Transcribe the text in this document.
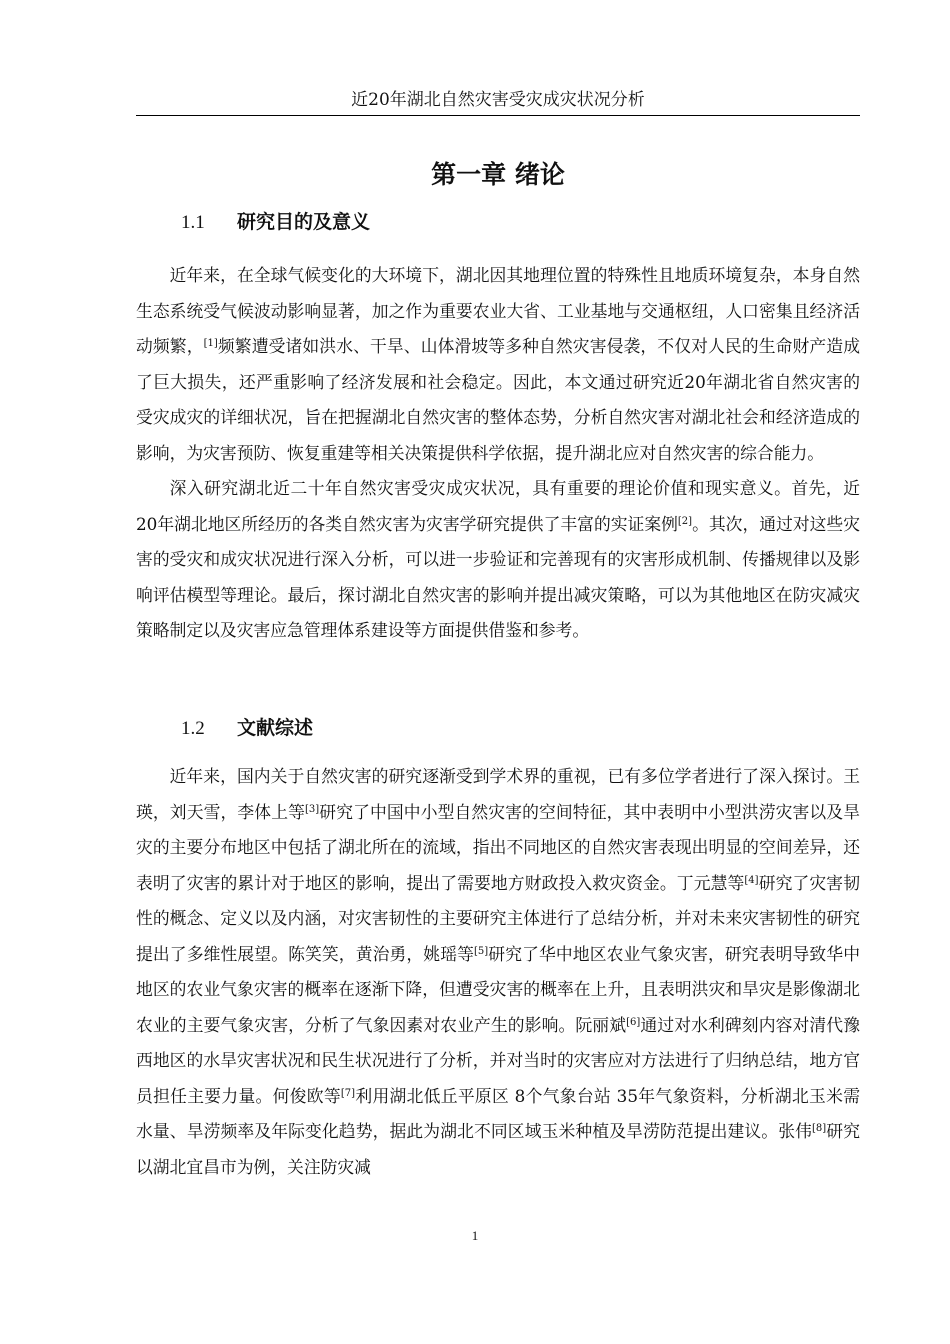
近20年湖北自然灾害受灾成灾状况分析
第一章 绪论
1.1 研究目的及意义

近年来，在全球气候变化的大环境下，湖北因其地理位置的特殊性且地质环境复杂，本身自然生态系统受气候波动影响显著，加之作为重要农业大省、工业基地与交通枢纽，人口密集且经济活动频繁，[1]频繁遭受诸如洪水、干旱、山体滑坡等多种自然灾害侵袭，不仅对人民的生命财产造成了巨大损失，还严重影响了经济发展和社会稳定。因此，本文通过研究近20年湖北省自然灾害的受灾成灾的详细状况，旨在把握湖北自然灾害的整体态势，分析自然灾害对湖北社会和经济造成的影响，为灾害预防、恢复重建等相关决策提供科学依据，提升湖北应对自然灾害的综合能力。

深入研究湖北近二十年自然灾害受灾成灾状况，具有重要的理论价值和现实意义。首先，近 20年湖北地区所经历的各类自然灾害为灾害学研究提供了丰富的实证案例[2]。其次，通过对这些灾害的受灾和成灾状况进行深入分析，可以进一步验证和完善现有的灾害形成机制、传播规律以及影响评估模型等理论。最后，探讨湖北自然灾害的影响并提出减灾策略，可以为其他地区在防灾减灾策略制定以及灾害应急管理体系建设等方面提供借鉴和参考。

1.2 文献综述

近年来，国内关于自然灾害的研究逐渐受到学术界的重视，已有多位学者进行了深入探讨。王瑛，刘天雪，李体上等[3]研究了中国中小型自然灾害的空间特征，其中表明中小型洪涝灾害以及旱灾的主要分布地区中包括了湖北所在的流域，指出不同地区的自然灾害表现出明显的空间差异，还表明了灾害的累计对于地区的影响，提出了需要地方财政投入救灾资金。丁元慧等[4]研究了灾害韧性的概念、定义以及内涵，对灾害韧性的主要研究主体进行了总结分析，并对未来灾害韧性的研究提出了多维性展望。陈笑笑，黄治勇，姚瑶等[5]研究了华中地区农业气象灾害，研究表明导致华中地区的农业气象灾害的概率在逐渐下降，但遭受灾害的概率在上升，且表明洪灾和旱灾是影像湖北农业的主要气象灾害，分析了气象因素对农业产生的影响。阮丽斌[6]通过对水利碑刻内容对清代豫西地区的水旱灾害状况和民生状况进行了分析，并对当时的灾害应对方法进行了归纳总结，地方官员担任主要力量。何俊欧等[7]利用湖北低丘平原区 8个气象台站 35年气象资料，分析湖北玉米需水量、旱涝频率及年际变化趋势，据此为湖北不同区域玉米种植及旱涝防范提出建议。张伟[8]研究以湖北宜昌市为例，关注防灾减

1
